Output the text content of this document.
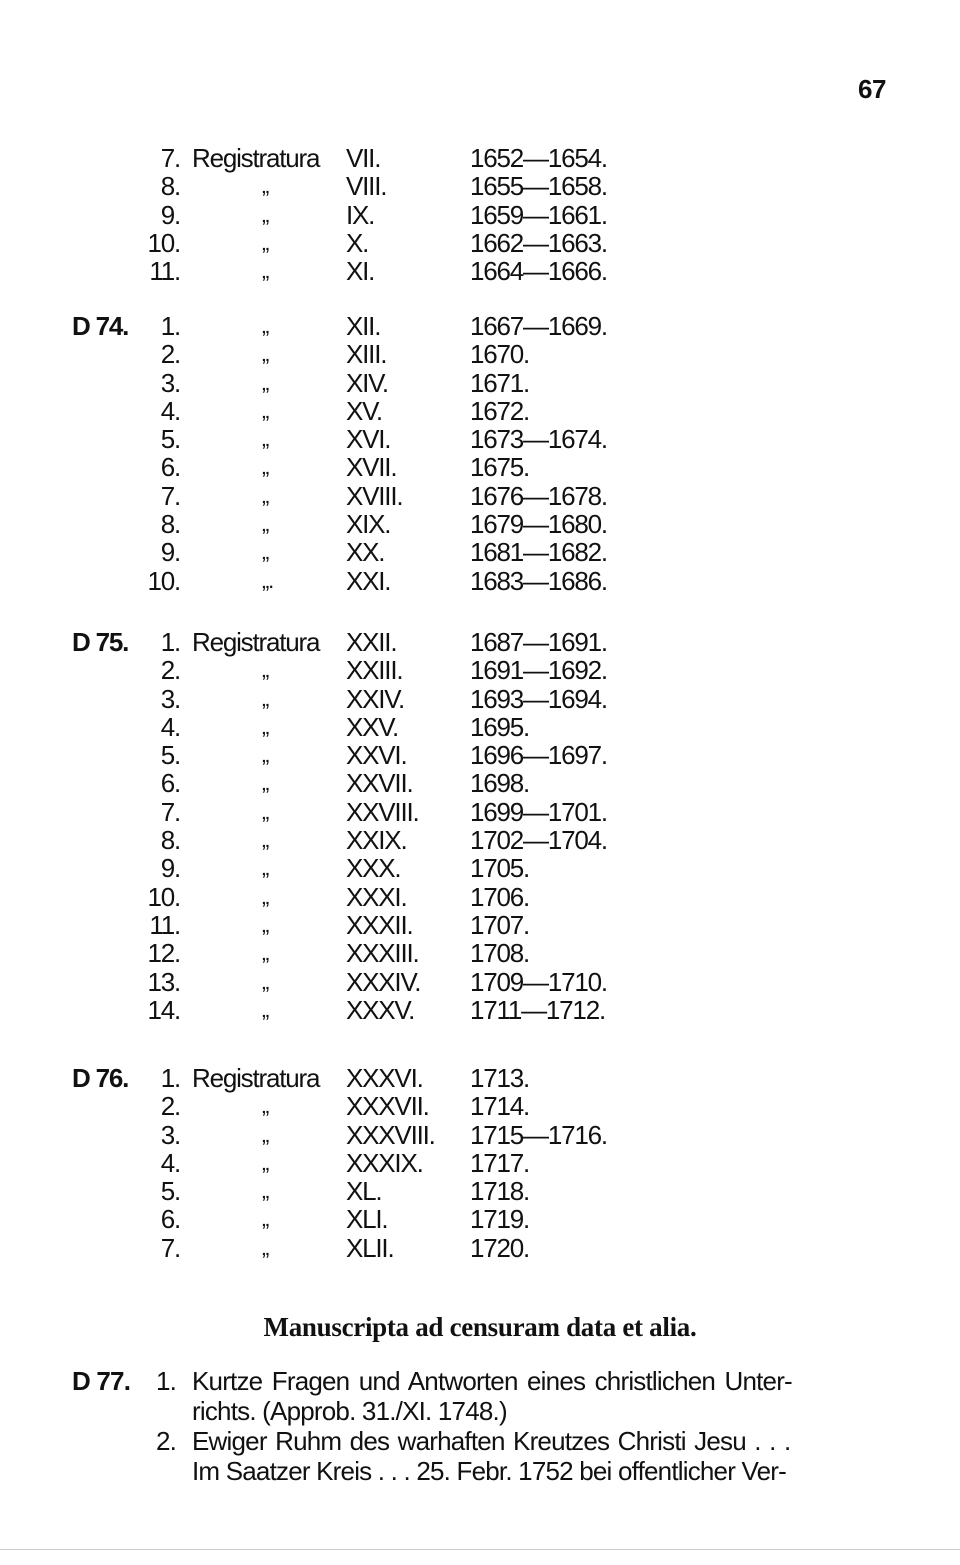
67
7. Registratura VII.	1652—1654.
8.	„	VIII.	1655—1658.
9.	„	IX.	1659—1661.
10.	„	X.	1662—1663.
11.	„	XI.	1664—1666.
D 74. 1.	„	XII.	1667—1669.
2.	„	XIII.	1670.
3.	„	XIV.	1671.
4.	„	XV.	1672.
5.	„	XVI.	1673—1674.
6.	„	XVII.	1675.
7.	„	XVIII.	1676—1678.
8.	„	XIX.	1679—1680.
9.	„	XX.	1681—1682.
10.	„.	XXI.	1683—1686.
D 75. 1. Registratura XXII.	1687—1691.
2.	„	XXIII.	1691—1692.
3.	„	XXIV.	1693—1694.
4.	„	XXV.	1695.
5.	„	XXVI. 1696—1697.
6.	„	XXVII. 1698.
7.	„	XXVIII. 1699—1701.
8.	„	XXIX. 1702—1704.
9.	„	XXX.	1705.
10.	„	XXXI. 1706.
11.	„	XXXII. 1707.
12.	„	XXXIII. 1708.
13.	„	XXXIV. 1709—1710.
14.	„	XXXV. 1711—1712.
D 76. 1. Registratura XXXVI. 1713.
2.	„	XXXVII. 1714.
3.	„	XXXVIII. 1715—1716.
4.	„	XXXIX. 1717.
5.	„	XL.	1718.
6.	„	XLI.	1719.
7.	„	XLII.	1720.
Manuscripta ad censuram data et alia.
D 77. 1. Kurtze Fragen und Antworten eines christlichen Unter-
richts. (Approb. 31./XI. 1748.)
2. Ewiger Ruhm des warhaften Kreutzes Christi Jesu . . .
Im Saatzer Kreis . . . 25. Febr. 1752 bei offentlicher Ver-
